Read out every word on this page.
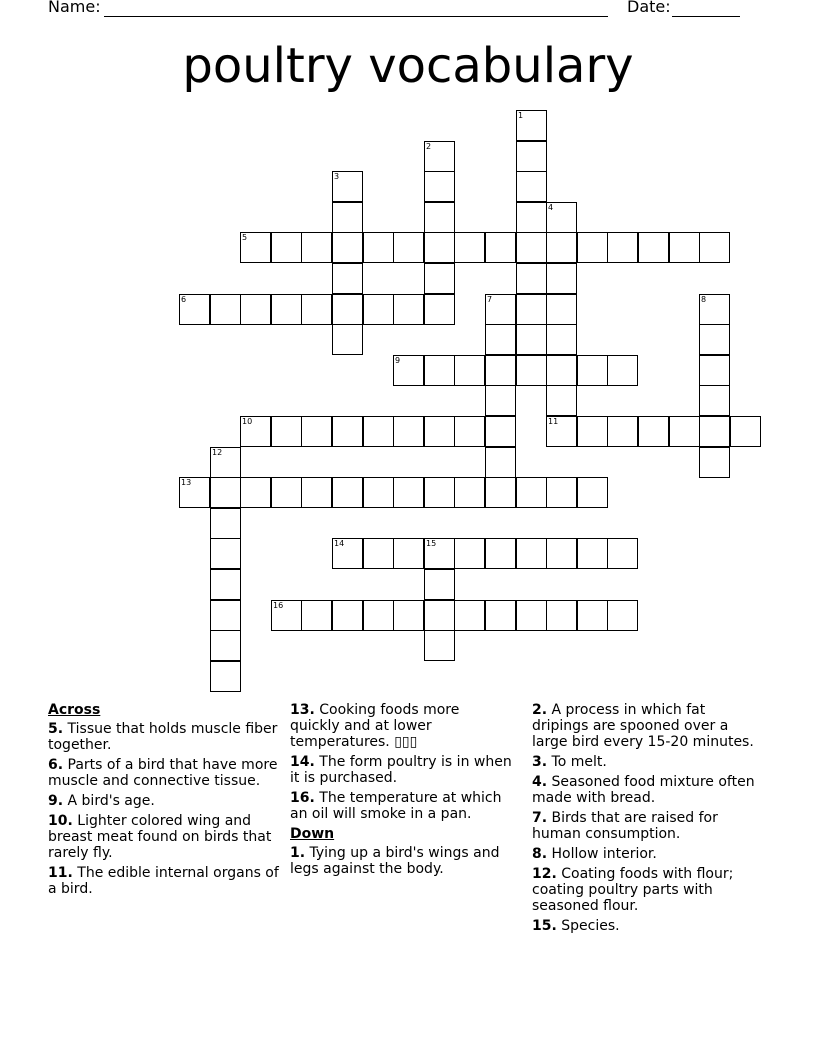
Name:	Date:
poultry vocabulary
1
2
3
4
5
6	7	8
9
10	11
12
13
14	15
16
Across
5. Tissue that holds muscle fiber together.
6. Parts of a bird that have more muscle and connective tissue.
9. A bird's age.
10. Lighter colored wing and breast meat found on birds that rarely fly.
11. The edible internal organs of a bird.
13. Cooking foods more quickly and at lower temperatures. ▯▯▯
14. The form poultry is in when it is purchased.
16. The temperature at which an oil will smoke in a pan.
Down
1. Tying up a bird's wings and legs against the body.
2. A process in which fat dripings are spooned over a large bird every 15-20 minutes.
3. To melt.
4. Seasoned food mixture often made with bread.
7. Birds that are raised for human consumption.
8. Hollow interior.
12. Coating foods with flour; coating poultry parts with seasoned flour.
15. Species.
